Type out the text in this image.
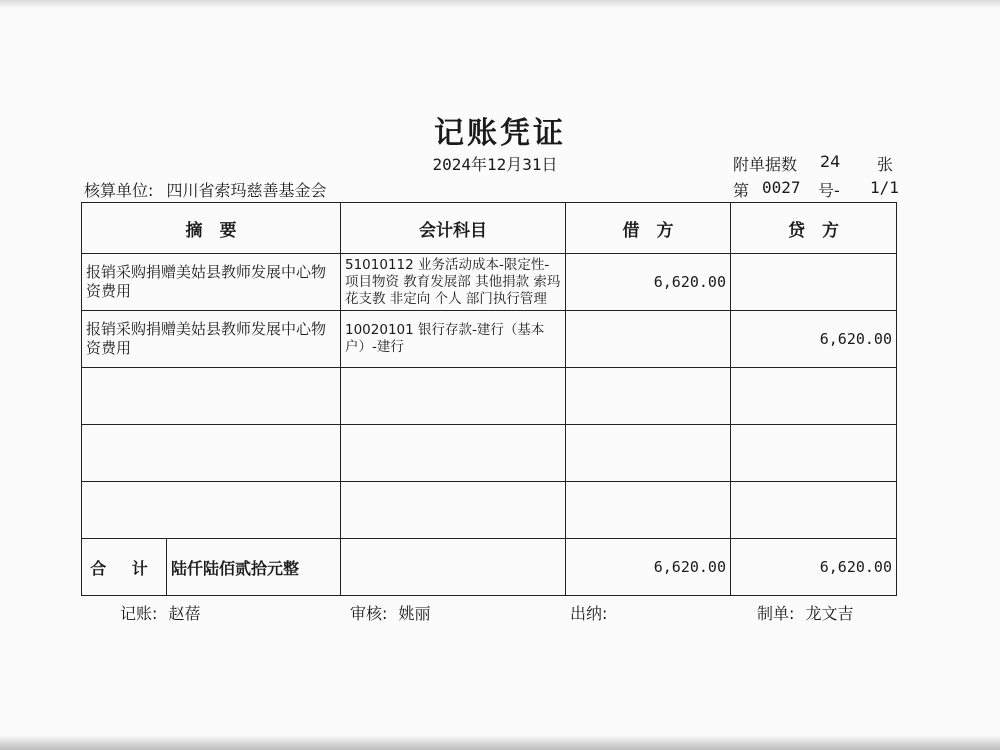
记账凭证
2024年12月31日	附单据数 24 张
核算单位: 四川省索玛慈善基金会	第 0027 号- 1/1
摘　要	会计科目	借　方	贷　方
报销采购捐赠美姑县教师发展中心物资费用	51010112 业务活动成本-限定性-项目物资 教育发展部 其他捐款 索玛花支教 非定向 个人 部门执行管理	6,620.00	
报销采购捐赠美姑县教师发展中心物资费用	10020101 银行存款-建行（基本户）-建行		6,620.00

合 计 陆仟陆佰贰拾元整		6,620.00	6,620.00
记账: 赵蓓	审核: 姚丽	出纳:	制单: 龙文吉
